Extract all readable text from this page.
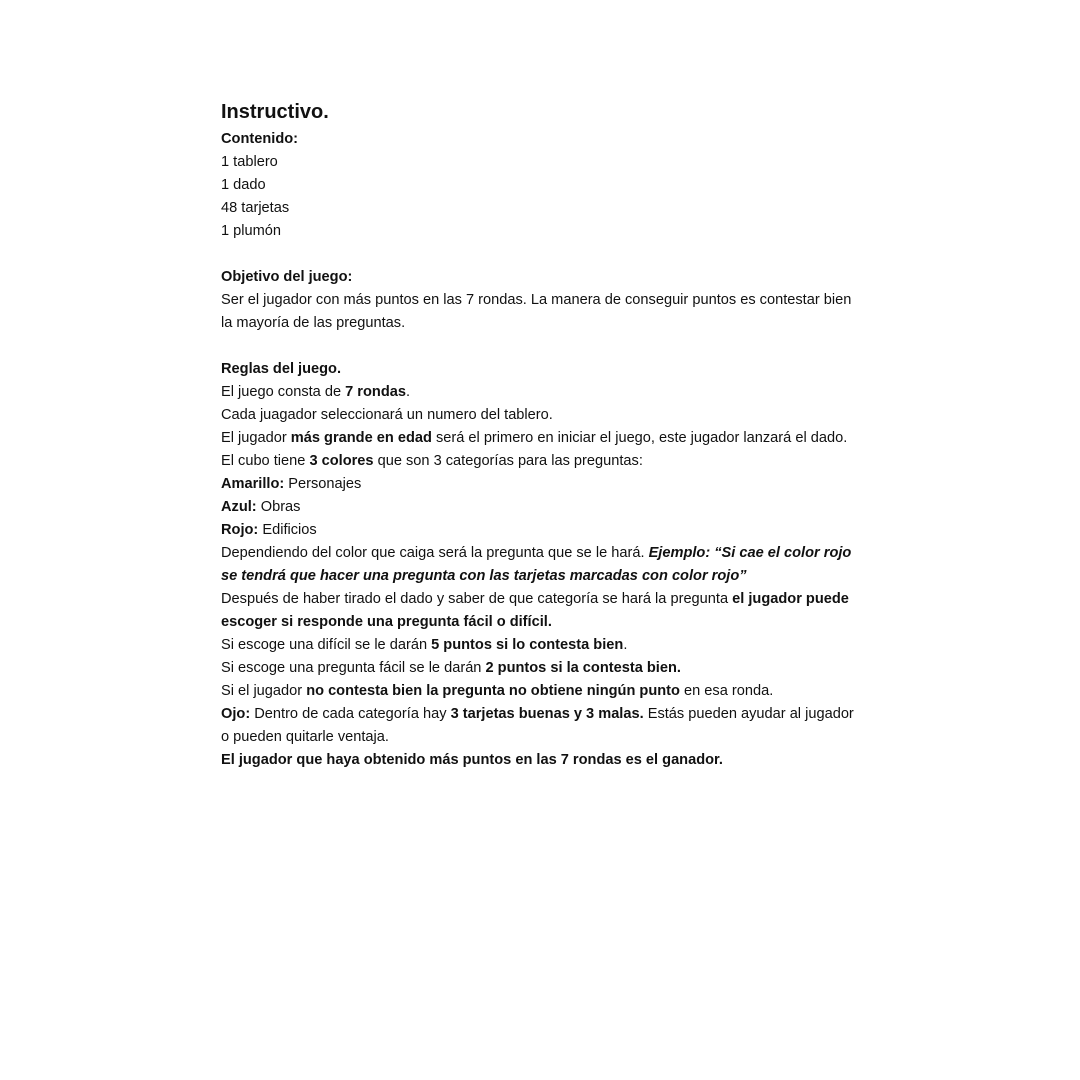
Instructivo.

Contenido:

1 tablero

1 dado

48 tarjetas

1 plumón

Objetivo del juego:

Ser el jugador con más puntos en las 7 rondas. La manera de conseguir puntos es contestar bien

la mayoría de las preguntas.

Reglas del juego.

El juego consta de 7 rondas.

Cada juagador seleccionará un numero del tablero.

El jugador más grande en edad será el primero en iniciar el juego, este jugador lanzará el dado.

El cubo tiene 3 colores que son 3 categorías para las preguntas:

Amarillo: Personajes

Azul: Obras

Rojo: Edificios

Dependiendo del color que caiga será la pregunta que se le hará. Ejemplo: “Si cae el color rojo

se tendrá que hacer una pregunta con las tarjetas marcadas con color rojo”

Después de haber tirado el dado y saber de que categoría se hará la pregunta el jugador puede

escoger si responde una pregunta fácil o difícil.

Si escoge una difícil se le darán 5 puntos si lo contesta bien.

Si escoge una pregunta fácil se le darán 2 puntos si la contesta bien.

Si el jugador no contesta bien la pregunta no obtiene ningún punto en esa ronda.

Ojo: Dentro de cada categoría hay 3 tarjetas buenas y 3 malas. Estás pueden ayudar al jugador

o pueden quitarle ventaja.

El jugador que haya obtenido más puntos en las 7 rondas es el ganador.
